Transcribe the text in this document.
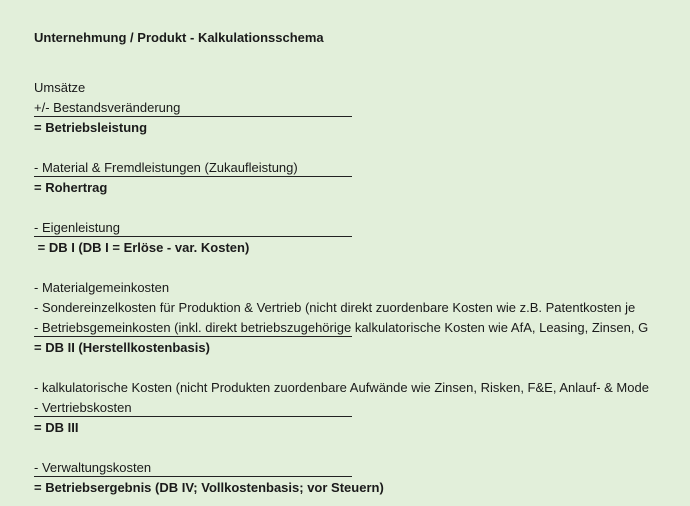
Unternehmung / Produkt - Kalkulationsschema
Umsätze
+/- Bestandsveränderung
= Betriebsleistung
- Material & Fremdleistungen (Zukaufleistung)
= Rohertrag
- Eigenleistung
= DB I (DB I = Erlöse - var. Kosten)
- Materialgemeinkosten
- Sondereinzelkosten für Produktion & Vertrieb (nicht direkt zuordenbare Kosten wie z.B. Patentkosten je
- Betriebsgemeinkosten (inkl. direkt betriebszugehörige kalkulatorische Kosten wie AfA, Leasing, Zinsen, G
= DB II (Herstellkostenbasis)
- kalkulatorische Kosten (nicht Produkten zuordenbare Aufwände wie Zinsen, Risken, F&E, Anlauf- & Mode
- Vertriebskosten
= DB III
- Verwaltungskosten
= Betriebsergebnis (DB IV; Vollkostenbasis; vor Steuern)
